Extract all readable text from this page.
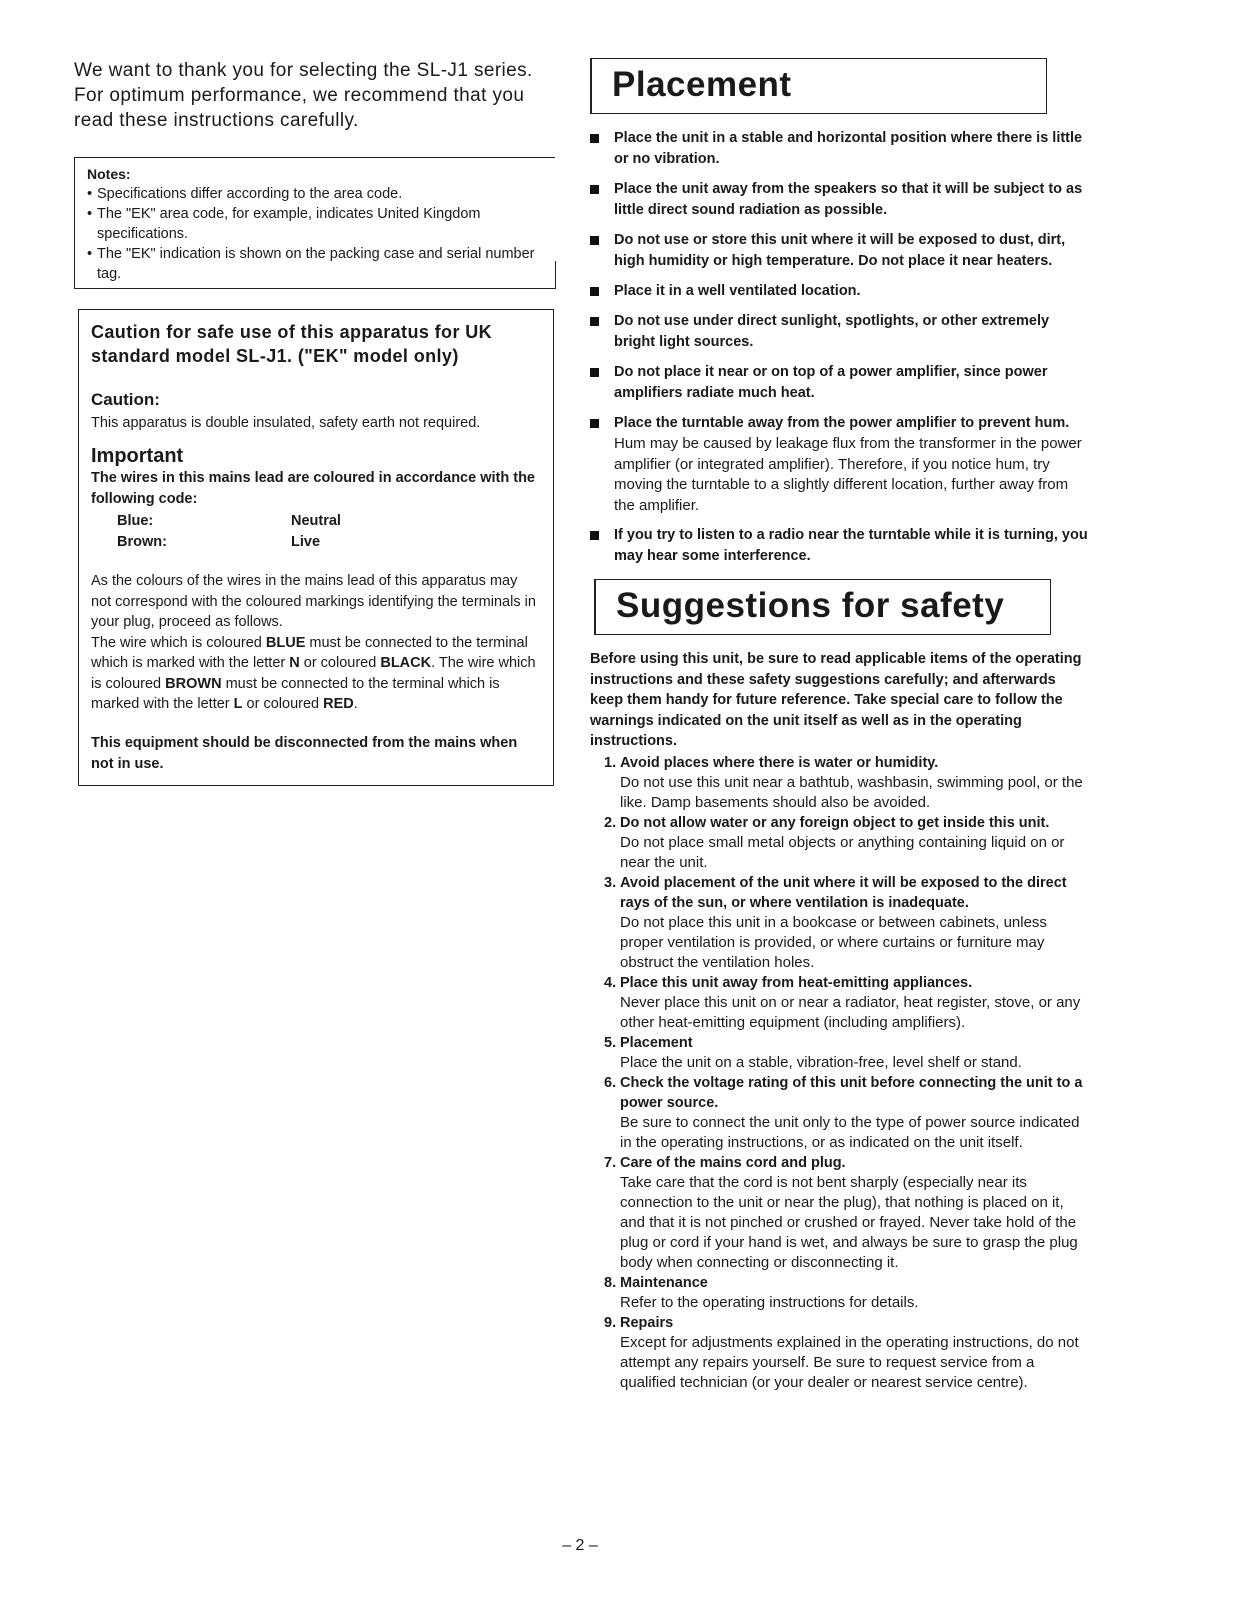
We want to thank you for selecting the SL-J1 series.

For optimum performance, we recommend that you read these instructions carefully.

Notes:
• Specifications differ according to the area code.
• The "EK" area code, for example, indicates United Kingdom specifications.
• The "EK" indication is shown on the packing case and serial number tag.
Caution for safe use of this apparatus for UK standard model SL-J1. ("EK" model only)
Caution:
This apparatus is double insulated, safety earth not required.
Important
The wires in this mains lead are coloured in accordance with the following code:
Blue:	Neutral
Brown:	Live
As the colours of the wires in the mains lead of this apparatus may not correspond with the coloured markings identifying the terminals in your plug, proceed as follows.
The wire which is coloured BLUE must be connected to the terminal which is marked with the letter N or coloured BLACK. The wire which is coloured BROWN must be connected to the terminal which is marked with the letter L or coloured RED.
This equipment should be disconnected from the mains when not in use.
Placement
Place the unit in a stable and horizontal position where there is little or no vibration.
Place the unit away from the speakers so that it will be subject to as little direct sound radiation as possible.
Do not use or store this unit where it will be exposed to dust, dirt, high humidity or high temperature. Do not place it near heaters.
Place it in a well ventilated location.
Do not use under direct sunlight, spotlights, or other extremely bright light sources.
Do not place it near or on top of a power amplifier, since power amplifiers radiate much heat.
Place the turntable away from the power amplifier to prevent hum.
Hum may be caused by leakage flux from the transformer in the power amplifier (or integrated amplifier). Therefore, if you notice hum, try moving the turntable to a slightly different location, further away from the amplifier.
If you try to listen to a radio near the turntable while it is turning, you may hear some interference.
Suggestions for safety
Before using this unit, be sure to read applicable items of the operating instructions and these safety suggestions carefully; and afterwards keep them handy for future reference. Take special care to follow the warnings indicated on the unit itself as well as in the operating instructions.
1. Avoid places where there is water or humidity.
Do not use this unit near a bathtub, washbasin, swimming pool, or the like. Damp basements should also be avoided.
2. Do not allow water or any foreign object to get inside this unit.
Do not place small metal objects or anything containing liquid on or near the unit.
3. Avoid placement of the unit where it will be exposed to the direct rays of the sun, or where ventilation is inadequate.
Do not place this unit in a bookcase or between cabinets, unless proper ventilation is provided, or where curtains or furniture may obstruct the ventilation holes.
4. Place this unit away from heat-emitting appliances.
Never place this unit on or near a radiator, heat register, stove, or any other heat-emitting equipment (including amplifiers).
5. Placement
Place the unit on a stable, vibration-free, level shelf or stand.
6. Check the voltage rating of this unit before connecting the unit to a power source.
Be sure to connect the unit only to the type of power source indicated in the operating instructions, or as indicated on the unit itself.
7. Care of the mains cord and plug.
Take care that the cord is not bent sharply (especially near its connection to the unit or near the plug), that nothing is placed on it, and that it is not pinched or crushed or frayed. Never take hold of the plug or cord if your hand is wet, and always be sure to grasp the plug body when connecting or disconnecting it.
8. Maintenance
Refer to the operating instructions for details.
9. Repairs
Except for adjustments explained in the operating instructions, do not attempt any repairs yourself. Be sure to request service from a qualified technician (or your dealer or nearest service centre).
– 2 –
